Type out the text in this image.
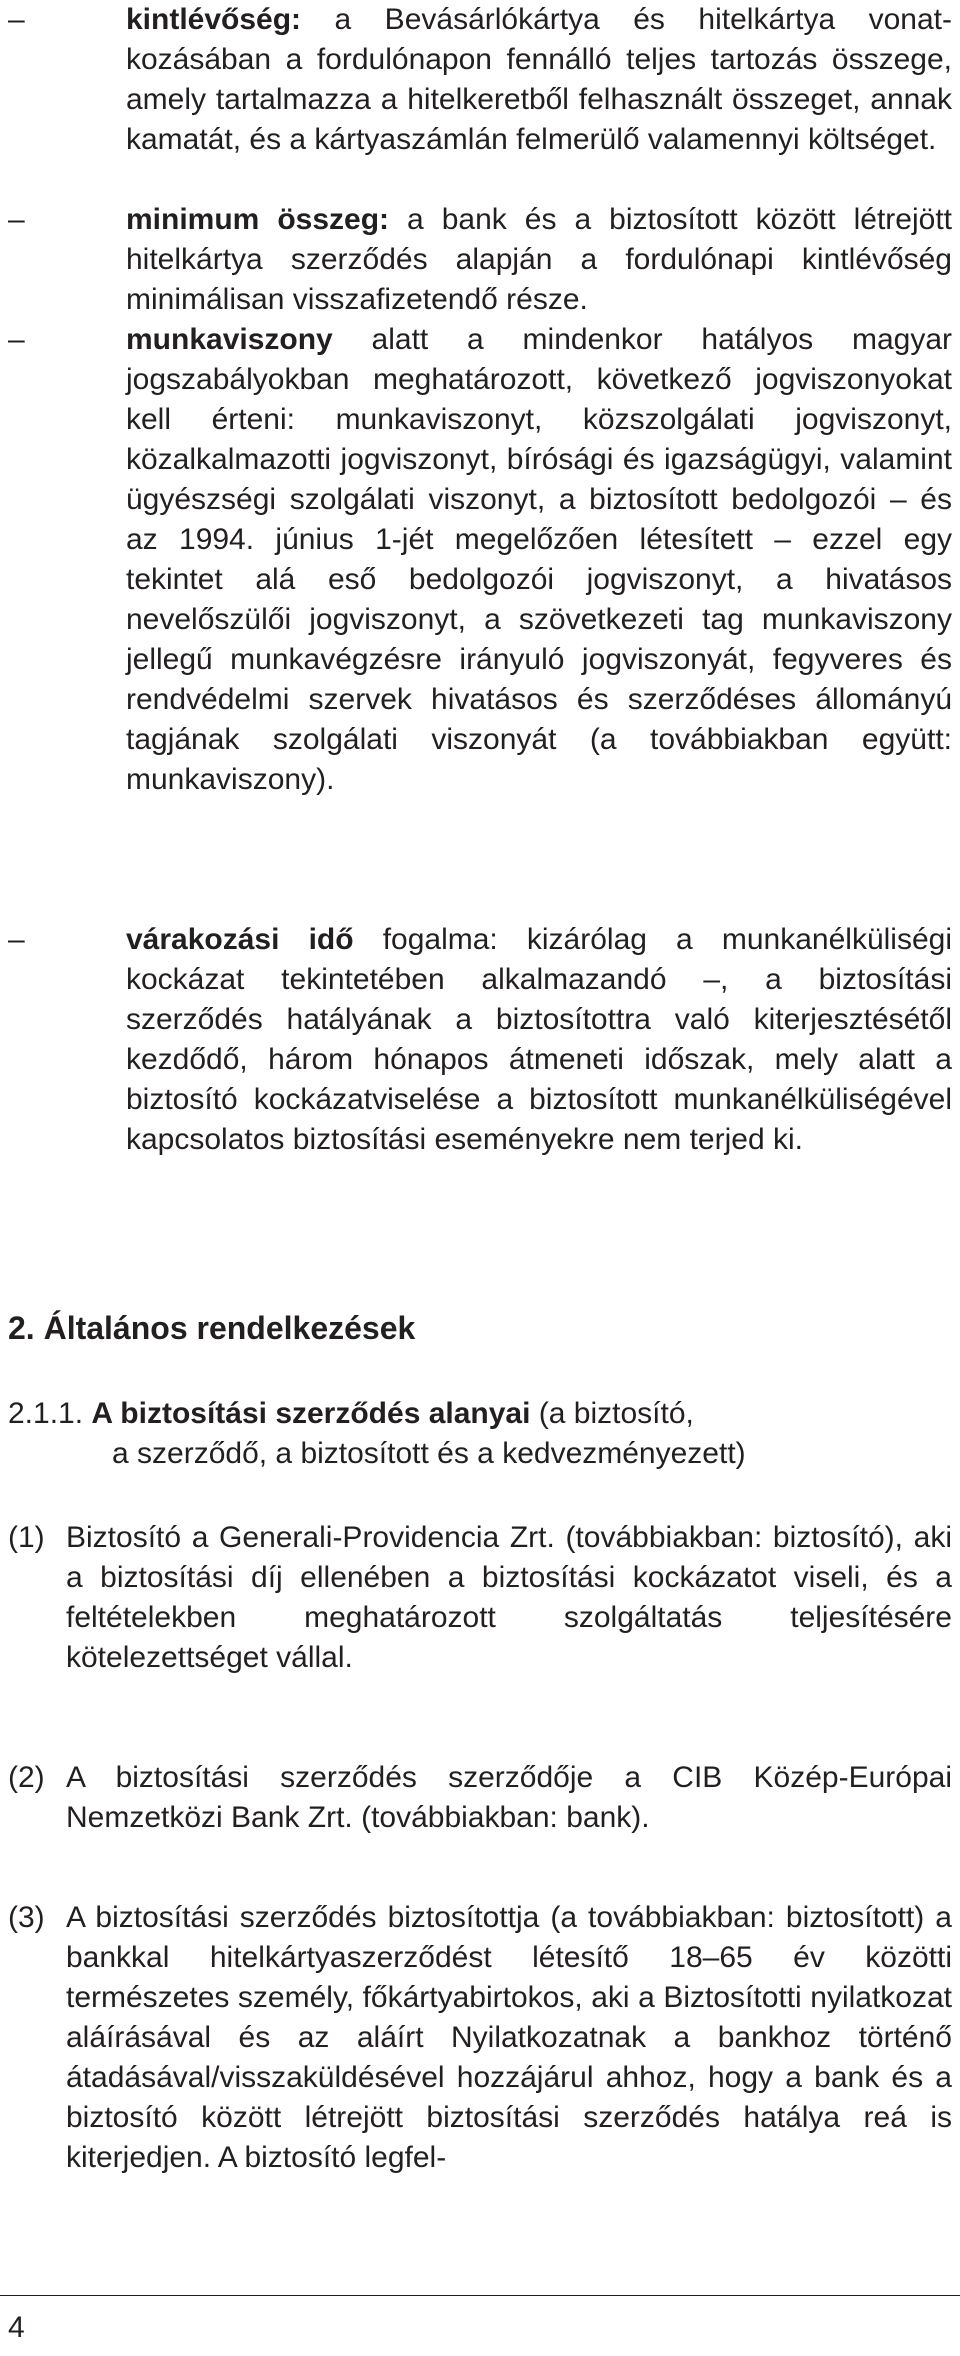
–	kintlévőség: a Bevásárlókártya és hitelkártya vonatkozásában a fordulónapon fennálló teljes tartozás összege, amely tartalmazza a hitelkeretből felhasznált összeget, annak kamatát, és a kártyaszámlán felmerülő valamennyi költséget.
–	minimum összeg: a bank és a biztosított között létrejött hitelkártya szerződés alapján a fordulónapi kintlévőség minimálisan visszafizetendő része.
–	munkaviszony alatt a mindenkor hatályos magyar jogszabályokban meghatározott, következő jogviszonyokat kell érteni: munkaviszonyt, közszolgálati jogviszonyt, közalkalmazotti jogviszonyt, bírósági és igazságügyi, valamint ügyészségi szolgálati viszonyt, a biztosított bedolgozói – és az 1994. június 1-jét megelőzően létesített – ezzel egy tekintet alá eső bedolgozói jogviszonyt, a hivatásos nevelőszülői jogviszonyt, a szövetkezeti tag munkaviszony jellegű munkavégzésre irányuló jogviszonyát, fegyveres és rendvédelmi szervek hivatásos és szerződéses állományú tagjának szolgálati viszonyát (a továbbiakban együtt: munkaviszony).
–	várakozási idő fogalma: kizárólag a munkanélküliségi kockázat tekintetében alkalmazandó –, a biztosítási szerződés hatályának a biztosítottra való kiterjesztésétől kezdődő, három hónapos átmeneti időszak, mely alatt a biztosító kockázatviselése a biztosított munkanélküliségével kapcsolatos biztosítási eseményekre nem terjed ki.
2. Általános rendelkezések
2.1.1. A biztosítási szerződés alanyai (a biztosító,
a szerződő, a biztosított és a kedvezményezett)
(1) Biztosító a Generali-Providencia Zrt. (továbbiakban: biztosító), aki a biztosítási díj ellenében a biztosítási kockázatot viseli, és a feltételekben meghatározott szolgáltatás teljesítésére kötelezettséget vállal.
(2) A biztosítási szerződés szerződője a CIB Közép-Európai Nemzetközi Bank Zrt. (továbbiakban: bank).
(3) A biztosítási szerződés biztosítottja (a továbbiakban: biztosított) a bankkal hitelkártyaszerződést létesítő 18–65 év közötti természetes személy, főkártyabirtokos, aki a Biztosítotti nyilatkozat aláírásával és az aláírt Nyilatkozatnak a bankhoz történő átadásával/visszaküldésével hozzájárul ahhoz, hogy a bank és a biztosító között létrejött biztosítási szerződés hatálya reá is kiterjedjen. A biztosító legfel-
4
